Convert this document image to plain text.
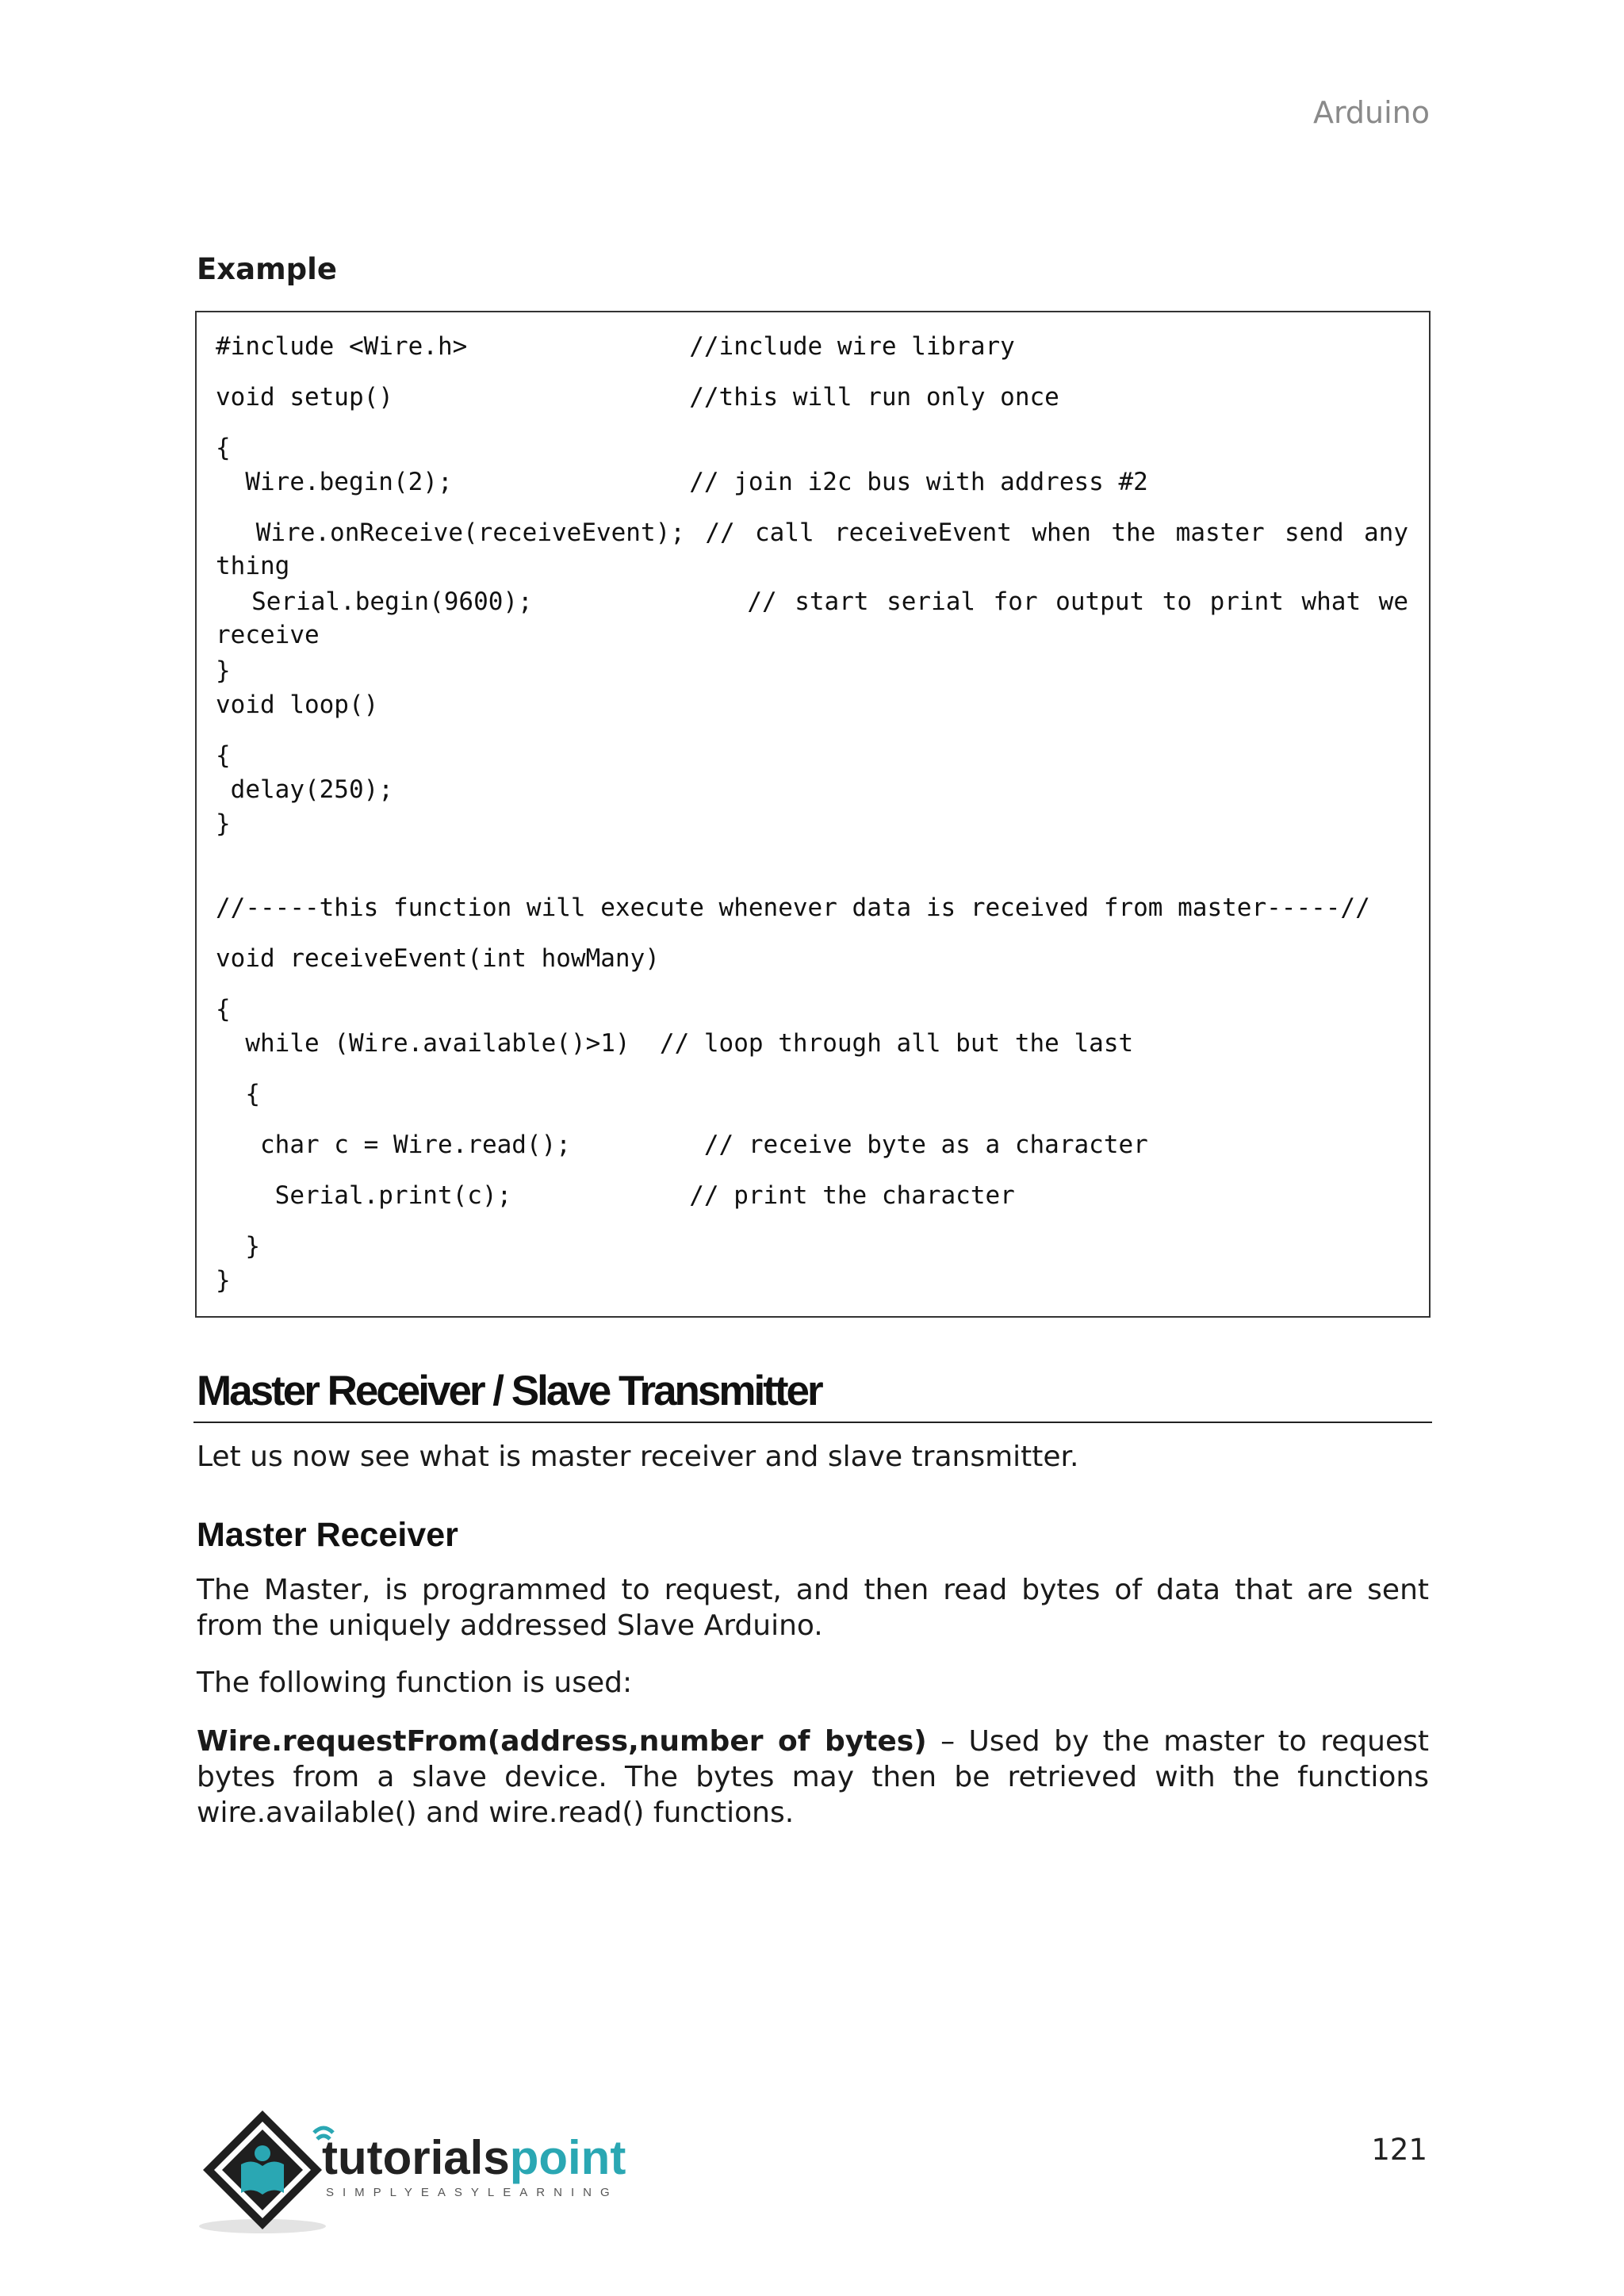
Arduino
Example
#include <Wire.h>               //include wire library
void setup()                    //this will run only once
{
Wire.begin(2);                // join i2c bus with address #2
Wire.onReceive(receiveEvent); // call receiveEvent when the master send any thing
Serial.begin(9600);            // start serial for output to print what we receive
}
void loop()
{
delay(250);
}
//-----this function will execute whenever data is received from master-----//
void receiveEvent(int howMany)
{
while (Wire.available()>1)  // loop through all but the last
{
char c = Wire.read();         // receive byte as a character
Serial.print(c);            // print the character
}
}
Master Receiver / Slave Transmitter
Let us now see what is master receiver and slave transmitter.
Master Receiver
The Master, is programmed to request, and then read bytes of data that are sent from the uniquely addressed Slave Arduino.
The following function is used:
Wire.requestFrom(address,number of bytes) – Used by the master to request bytes from a slave device. The bytes may then be retrieved with the functions wire.available() and wire.read() functions.
tutorials point
SIMPLYEASYLEARNING
121
